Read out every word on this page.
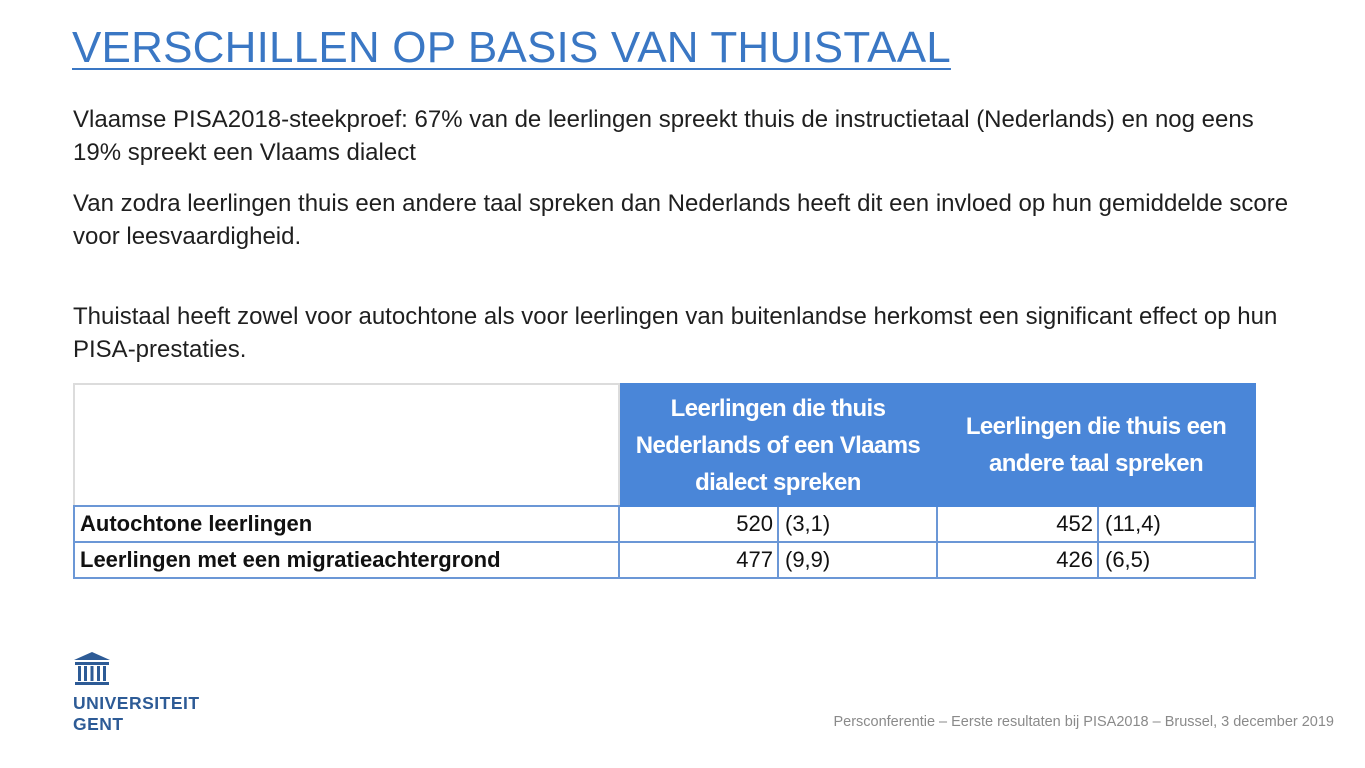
VERSCHILLEN OP BASIS VAN THUISTAAL

Vlaamse PISA2018-steekproef: 67% van de leerlingen spreekt thuis de instructietaal (Nederlands) en nog eens 19% spreekt een Vlaams dialect

Van zodra leerlingen thuis een andere taal spreken dan Nederlands heeft dit een invloed op hun gemiddelde score voor leesvaardigheid.

Thuistaal heeft zowel voor autochtone als voor leerlingen van buitenlandse herkomst een significant effect op hun PISA-prestaties.

	Leerlingen die thuis Nederlands of een Vlaams dialect spreken		Leerlingen die thuis een andere taal spreken	
Autochtone leerlingen	520	(3,1)	452	(11,4)
Leerlingen met een migratieachtergrond	477	(9,9)	426	(6,5)
UNIVERSITEIT
GENT	Persconferentie – Eerste resultaten bij PISA2018 – Brussel, 3 december 2019
